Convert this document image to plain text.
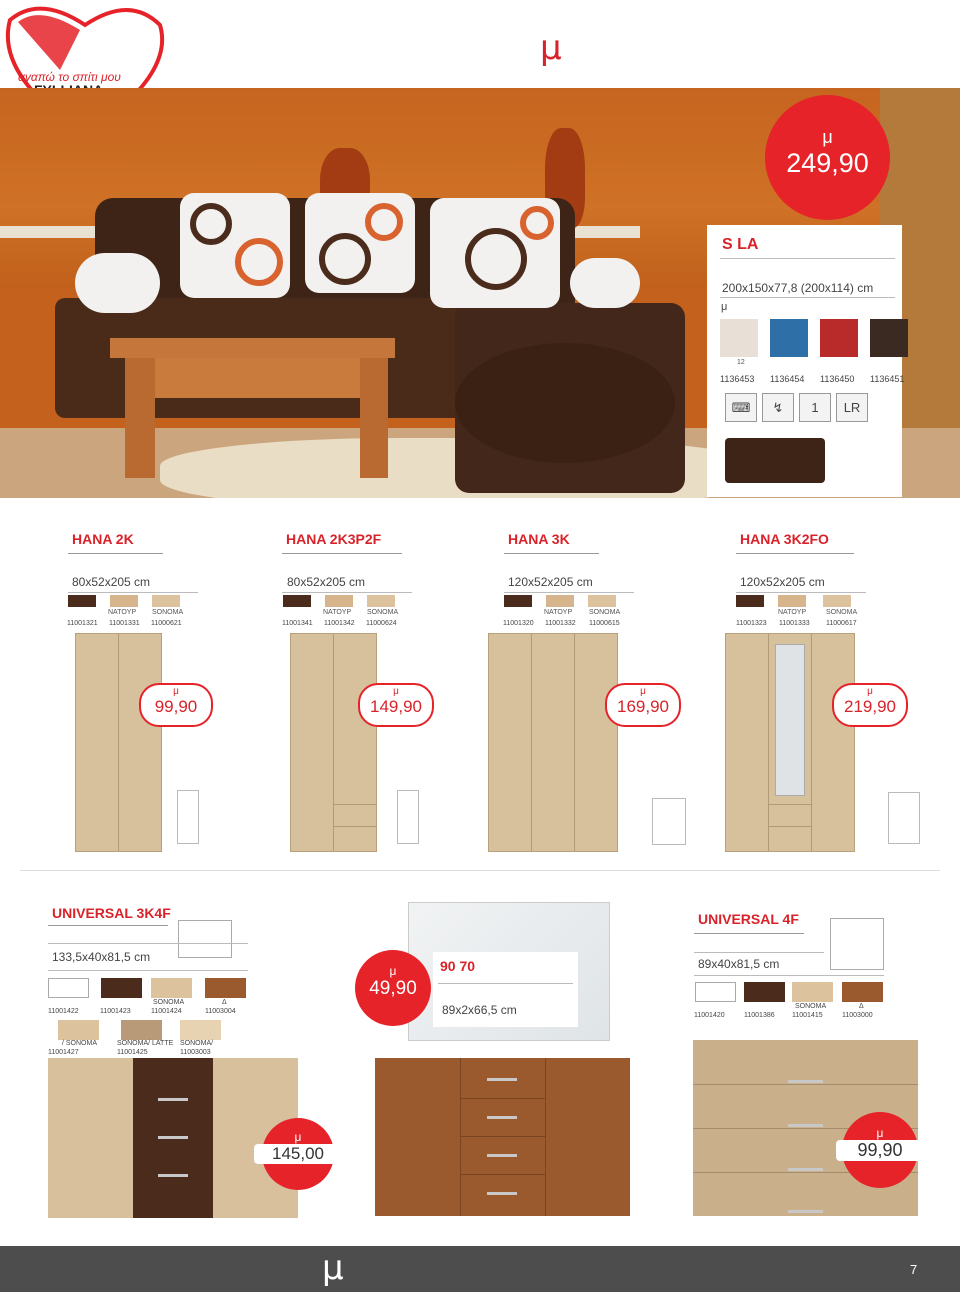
αγαπώ το σπίτι μου
μ
μ
249,90
S LA
200x150x77,8 (200x114) cm
μ
12	14	15	16
1136453 1136454 1136450 1136451
⌨	↯	1	LR
HANA 2K
80x52x205 cm
NATOYP SONOMA
11001321 11001331 11000621
μ
99,90
HANA 2K3P2F
80x52x205 cm
NATOYP SONOMA
11001341 11001342 11000624
μ
149,90
HANA 3K
120x52x205 cm
NATOYP SONOMA
11001320 11001332 11000615
μ
169,90
HANA 3K2FO
120x52x205 cm
NATOYP	SONOMA
11001323 11001333 11000617
μ
219,90
UNIVERSAL 3K4F
133,5x40x81,5 cm
SONOMA	Δ
11001422	11001423	11001424	11003004
/ SONOMA	SONOMA/ LATTE SONOMA/
11001427	11001425	11003003
μ
145,00
μ
49,90
90 70
89x2x66,5 cm
UNIVERSAL 4F
89x40x81,5 cm
SONOMA	Δ
11001420	11001386 11001415	11003000
μ
99,90
μ	7
